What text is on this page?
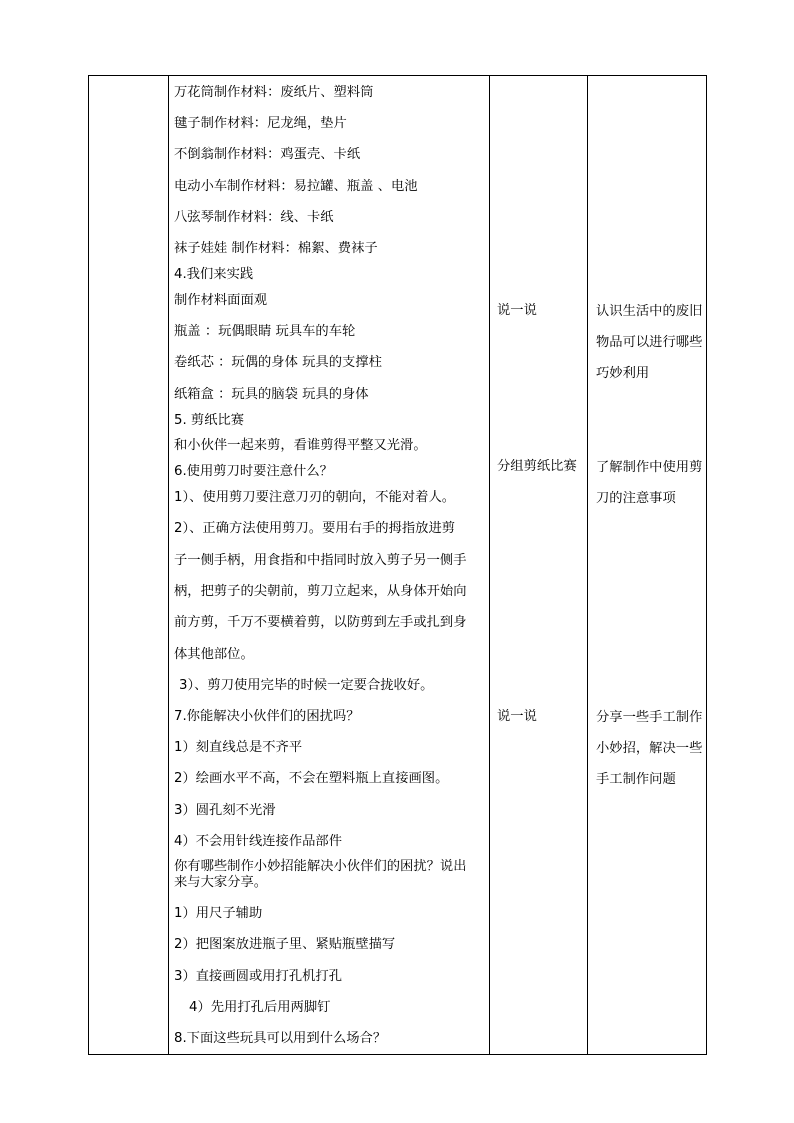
万花筒制作材料：废纸片、塑料筒
毽子制作材料：尼龙绳，垫片
不倒翁制作材料：鸡蛋壳、卡纸
电动小车制作材料：易拉罐、瓶盖 、电池
八弦琴制作材料：线、卡纸
袜子娃娃 制作材料：棉絮、费袜子
4.我们来实践
制作材料面面观
瓶盖 ：玩偶眼睛 玩具车的车轮
卷纸芯 ：玩偶的身体 玩具的支撑柱
纸箱盒 ：玩具的脑袋 玩具的身体
5. 剪纸比赛
和小伙伴一起来剪，看谁剪得平整又光滑。
6.使用剪刀时要注意什么？
1）、使用剪刀要注意刀刃的朝向，不能对着人。
2）、正确方法使用剪刀。要用右手的拇指放进剪
子一侧手柄，用食指和中指同时放入剪子另一侧手
柄，把剪子的尖朝前，剪刀立起来，从身体开始向
前方剪，千万不要横着剪，以防剪到左手或扎到身
体其他部位。
3）、剪刀使用完毕的时候一定要合拢收好。
7.你能解决小伙伴们的困扰吗？
1）刻直线总是不齐平
2）绘画水平不高，不会在塑料瓶上直接画图。
3）圆孔刻不光滑
4）不会用针线连接作品部件
你有哪些制作小妙招能解决小伙伴们的困扰？说出来与大家分享。
1）用尺子辅助
2）把图案放进瓶子里、紧贴瓶壁描写
3）直接画圆或用打孔机打孔
4）先用打孔后用两脚钉
8.下面这些玩具可以用到什么场合？
说一说
分组剪纸比赛
说一说
认识生活中的废旧物品可以进行哪些巧妙利用
了解制作中使用剪刀的注意事项
分享一些手工制作小妙招，解决一些手工制作问题
